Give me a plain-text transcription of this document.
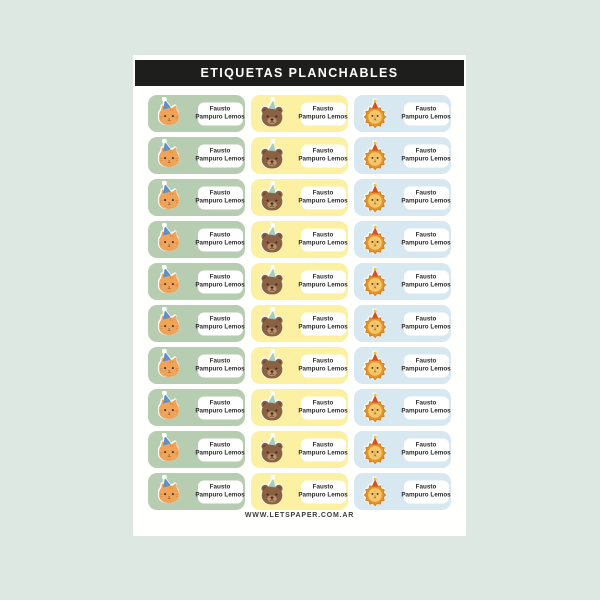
ETIQUETAS PLANCHABLES
Fausto
Pampuro Lemos
Fausto
Pampuro Lemos
Fausto
Pampuro Lemos
Fausto
Pampuro Lemos
Fausto
Pampuro Lemos
Fausto
Pampuro Lemos
Fausto
Pampuro Lemos
Fausto
Pampuro Lemos
Fausto
Pampuro Lemos
Fausto
Pampuro Lemos
Fausto
Pampuro Lemos
Fausto
Pampuro Lemos
Fausto
Pampuro Lemos
Fausto
Pampuro Lemos
Fausto
Pampuro Lemos
Fausto
Pampuro Lemos
Fausto
Pampuro Lemos
Fausto
Pampuro Lemos
Fausto
Pampuro Lemos
Fausto
Pampuro Lemos
Fausto
Pampuro Lemos
Fausto
Pampuro Lemos
Fausto
Pampuro Lemos
Fausto
Pampuro Lemos
Fausto
Pampuro Lemos
Fausto
Pampuro Lemos
Fausto
Pampuro Lemos
Fausto
Pampuro Lemos
Fausto
Pampuro Lemos
Fausto
Pampuro Lemos
WWW.LETSPAPER.COM.AR
